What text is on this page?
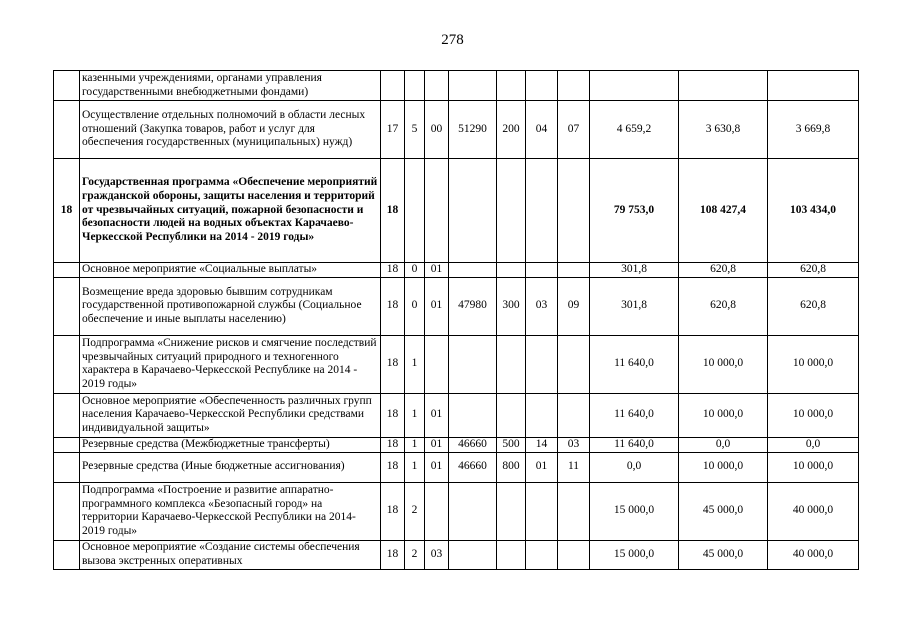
278
	казенными учреждениями, органами управления государственными внебюджетными фондами)										
	Осуществление отдельных полномочий в области лесных отношений (Закупка товаров, работ и услуг для обеспечения государственных (муниципальных) нужд)	17	5	00	51290	200	04	07	4 659,2	3 630,8	3 669,8
18	Государственная программа «Обеспечение мероприятий гражданской обороны, защиты населения и территорий от чрезвычайных ситуаций, пожарной безопасности и безопасности людей на водных объектах Карачаево-Черкесской Республики на 2014 - 2019 годы»	18							79 753,0	108 427,4	103 434,0
	Основное мероприятие «Социальные выплаты»	18	0	01					301,8	620,8	620,8
	Возмещение вреда здоровью бывшим сотрудникам государственной противопожарной службы (Социальное обеспечение и иные выплаты населению)	18	0	01	47980	300	03	09	301,8	620,8	620,8
	Подпрограмма «Снижение рисков и смягчение последствий чрезвычайных ситуаций природного и техногенного характера в Карачаево-Черкесской Республике на 2014 - 2019 годы»	18	1						11 640,0	10 000,0	10 000,0
	Основное мероприятие «Обеспеченность различных групп населения Карачаево-Черкесской Республики средствами индивидуальной защиты»	18	1	01					11 640,0	10 000,0	10 000,0
	Резервные средства (Межбюджетные трансферты)	18	1	01	46660	500	14	03	11 640,0	0,0	0,0
	Резервные средства (Иные бюджетные ассигнования)	18	1	01	46660	800	01	11	0,0	10 000,0	10 000,0
	Подпрограмма «Построение и развитие аппаратно-программного комплекса «Безопасный город» на территории Карачаево-Черкесской Республики на 2014-2019 годы»	18	2						15 000,0	45 000,0	40 000,0
	Основное мероприятие «Создание системы обеспечения вызова экстренных оперативных	18	2	03					15 000,0	45 000,0	40 000,0
